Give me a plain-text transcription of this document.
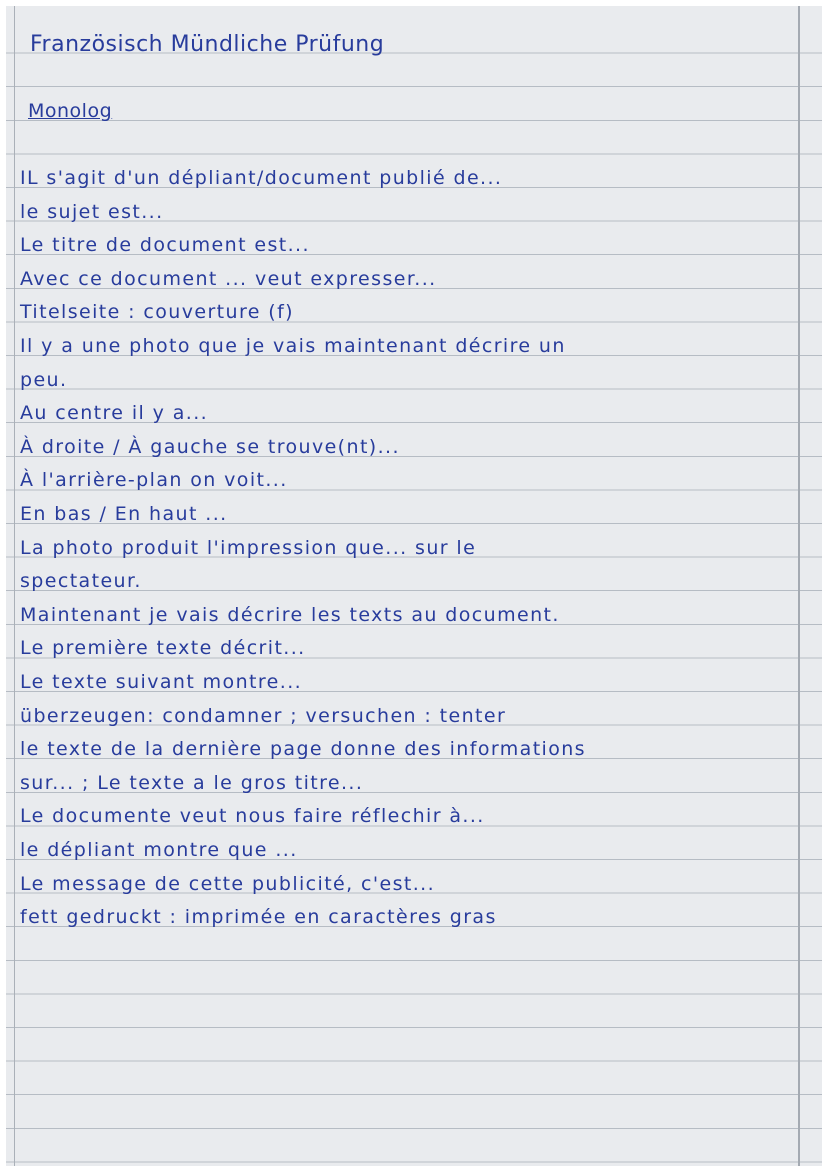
Französisch Mündliche Prüfung
Monolog
IL s'agit d'un dépliant/document publié de...
le sujet est...
Le titre de document est...
Avec ce document ... veut expresser...
Titelseite : couverture (f)
Il y a une photo que je vais maintenant décrire un
peu.
Au centre il y a...
À droite / À gauche se trouve(nt)...
À l'arrière-plan on voit...
En bas / En haut ...
La photo produit l'impression que... sur le
spectateur.
Maintenant je vais décrire les texts au document.
Le première texte décrit...
Le texte suivant montre...
überzeugen: condamner ; versuchen : tenter
le texte de la dernière page donne des informations
sur... ; Le texte a le gros titre...
Le documente veut nous faire réflechir à...
le dépliant montre que ...
Le message de cette publicité, c'est...
fett gedruckt : imprimée en caractères gras
